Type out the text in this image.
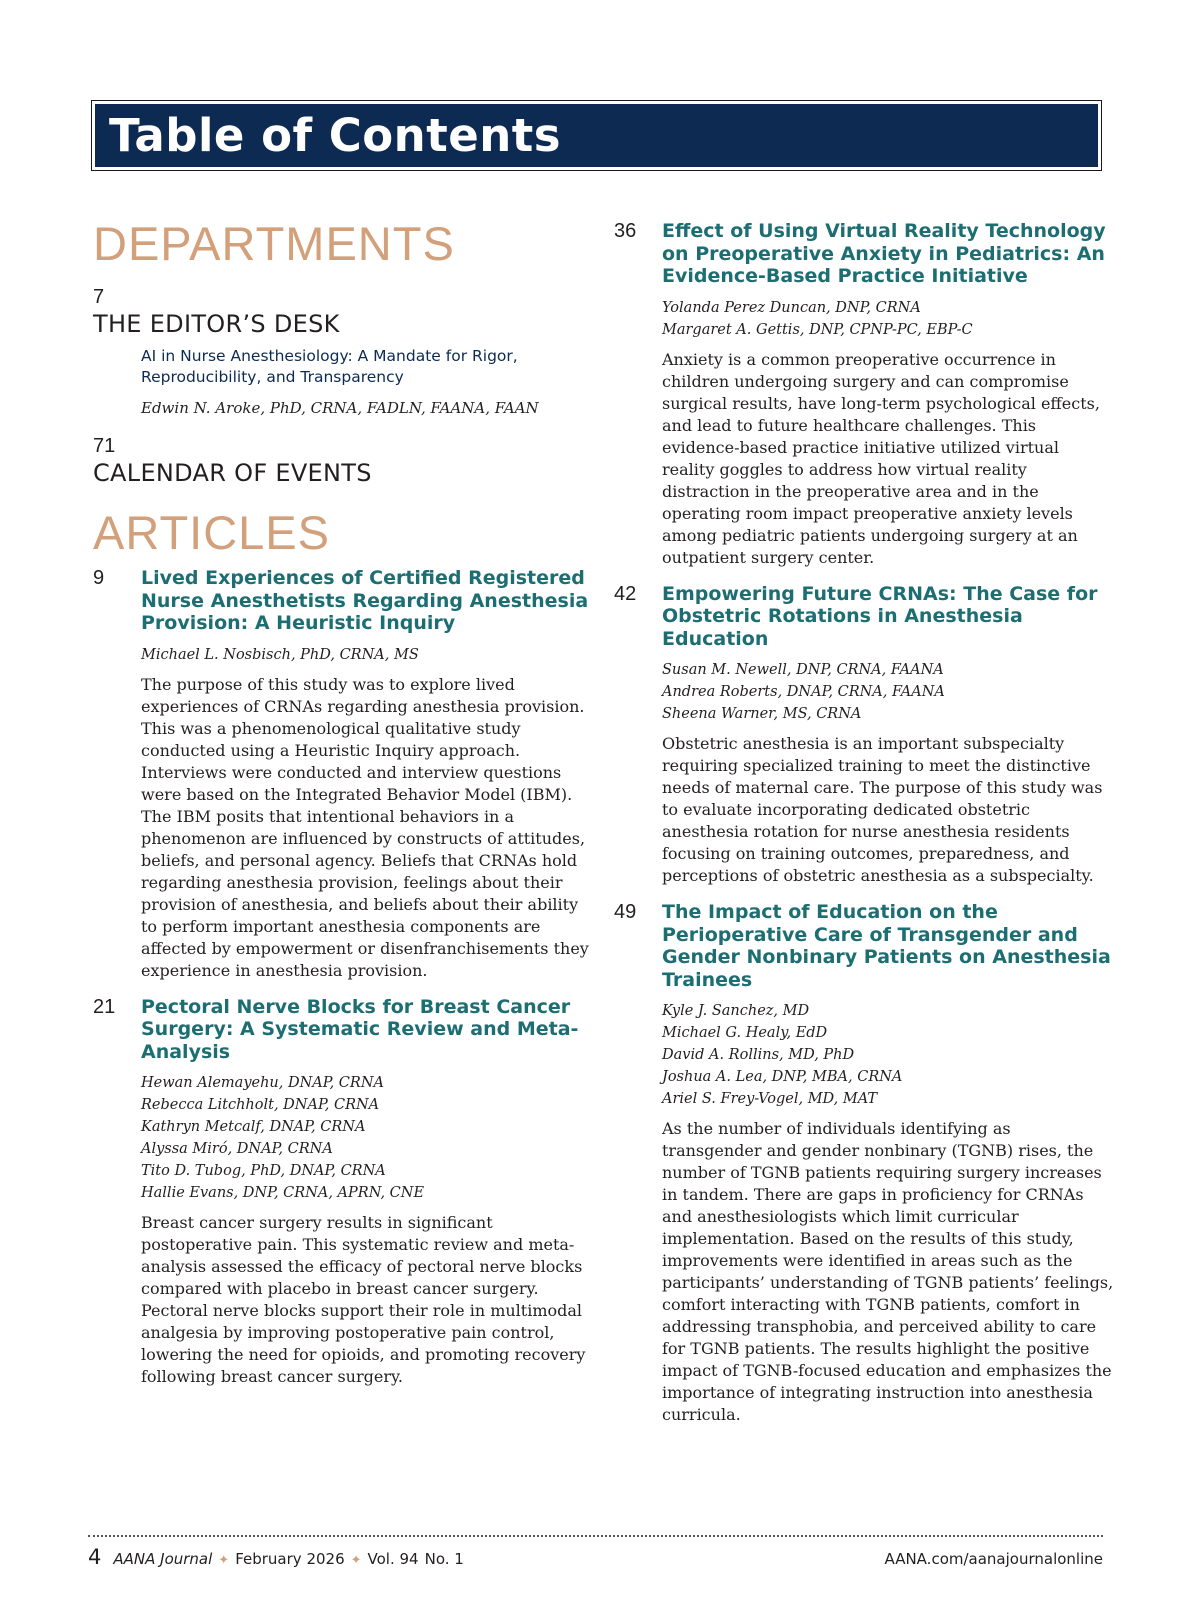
Table of Contents
DEPARTMENTS
7
THE EDITOR’S DESK
AI in Nurse Anesthesiology: A Mandate for Rigor, Reproducibility, and Transparency
Edwin N. Aroke, PhD, CRNA, FADLN, FAANA, FAAN
71
CALENDAR OF EVENTS
ARTICLES
9 Lived Experiences of Certified Registered Nurse Anesthetists Regarding Anesthesia Provision: A Heuristic Inquiry
Michael L. Nosbisch, PhD, CRNA, MS
The purpose of this study was to explore lived experiences of CRNAs regarding anesthesia provision. This was a phenomenological qualitative study conducted using a Heuristic Inquiry approach. Interviews were conducted and interview questions were based on the Integrated Behavior Model (IBM). The IBM posits that intentional behaviors in a phenomenon are influenced by constructs of attitudes, beliefs, and personal agency. Beliefs that CRNAs hold regarding anesthesia provision, feelings about their provision of anesthesia, and beliefs about their ability to perform important anesthesia components are affected by empowerment or disenfranchisements they experience in anesthesia provision.
21 Pectoral Nerve Blocks for Breast Cancer Surgery: A Systematic Review and Meta-Analysis
Hewan Alemayehu, DNAP, CRNA
Rebecca Litchholt, DNAP, CRNA
Kathryn Metcalf, DNAP, CRNA
Alyssa Miró, DNAP, CRNA
Tito D. Tubog, PhD, DNAP, CRNA
Hallie Evans, DNP, CRNA, APRN, CNE
Breast cancer surgery results in significant postoperative pain. This systematic review and meta-analysis assessed the efficacy of pectoral nerve blocks compared with placebo in breast cancer surgery. Pectoral nerve blocks support their role in multimodal analgesia by improving postoperative pain control, lowering the need for opioids, and promoting recovery following breast cancer surgery.
36 Effect of Using Virtual Reality Technology on Preoperative Anxiety in Pediatrics: An Evidence-Based Practice Initiative
Yolanda Perez Duncan, DNP, CRNA
Margaret A. Gettis, DNP, CPNP-PC, EBP-C
Anxiety is a common preoperative occurrence in children undergoing surgery and can compromise surgical results, have long-term psychological effects, and lead to future healthcare challenges. This evidence-based practice initiative utilized virtual reality goggles to address how virtual reality distraction in the preoperative area and in the operating room impact preoperative anxiety levels among pediatric patients undergoing surgery at an outpatient surgery center.
42 Empowering Future CRNAs: The Case for Obstetric Rotations in Anesthesia Education
Susan M. Newell, DNP, CRNA, FAANA
Andrea Roberts, DNAP, CRNA, FAANA
Sheena Warner, MS, CRNA
Obstetric anesthesia is an important subspecialty requiring specialized training to meet the distinctive needs of maternal care. The purpose of this study was to evaluate incorporating dedicated obstetric anesthesia rotation for nurse anesthesia residents focusing on training outcomes, preparedness, and perceptions of obstetric anesthesia as a subspecialty.
49 The Impact of Education on the Perioperative Care of Transgender and Gender Nonbinary Patients on Anesthesia Trainees
Kyle J. Sanchez, MD
Michael G. Healy, EdD
David A. Rollins, MD, PhD
Joshua A. Lea, DNP, MBA, CRNA
Ariel S. Frey-Vogel, MD, MAT
As the number of individuals identifying as transgender and gender nonbinary (TGNB) rises, the number of TGNB patients requiring surgery increases in tandem. There are gaps in proficiency for CRNAs and anesthesiologists which limit curricular implementation. Based on the results of this study, improvements were identified in areas such as the participants’ understanding of TGNB patients’ feelings, comfort interacting with TGNB patients, comfort in addressing transphobia, and perceived ability to care for TGNB patients. The results highlight the positive impact of TGNB-focused education and emphasizes the importance of integrating instruction into anesthesia curricula.
4 AANA Journal ✦ February 2026 ✦ Vol. 94 No. 1	AANA.com/aanajournalonline
